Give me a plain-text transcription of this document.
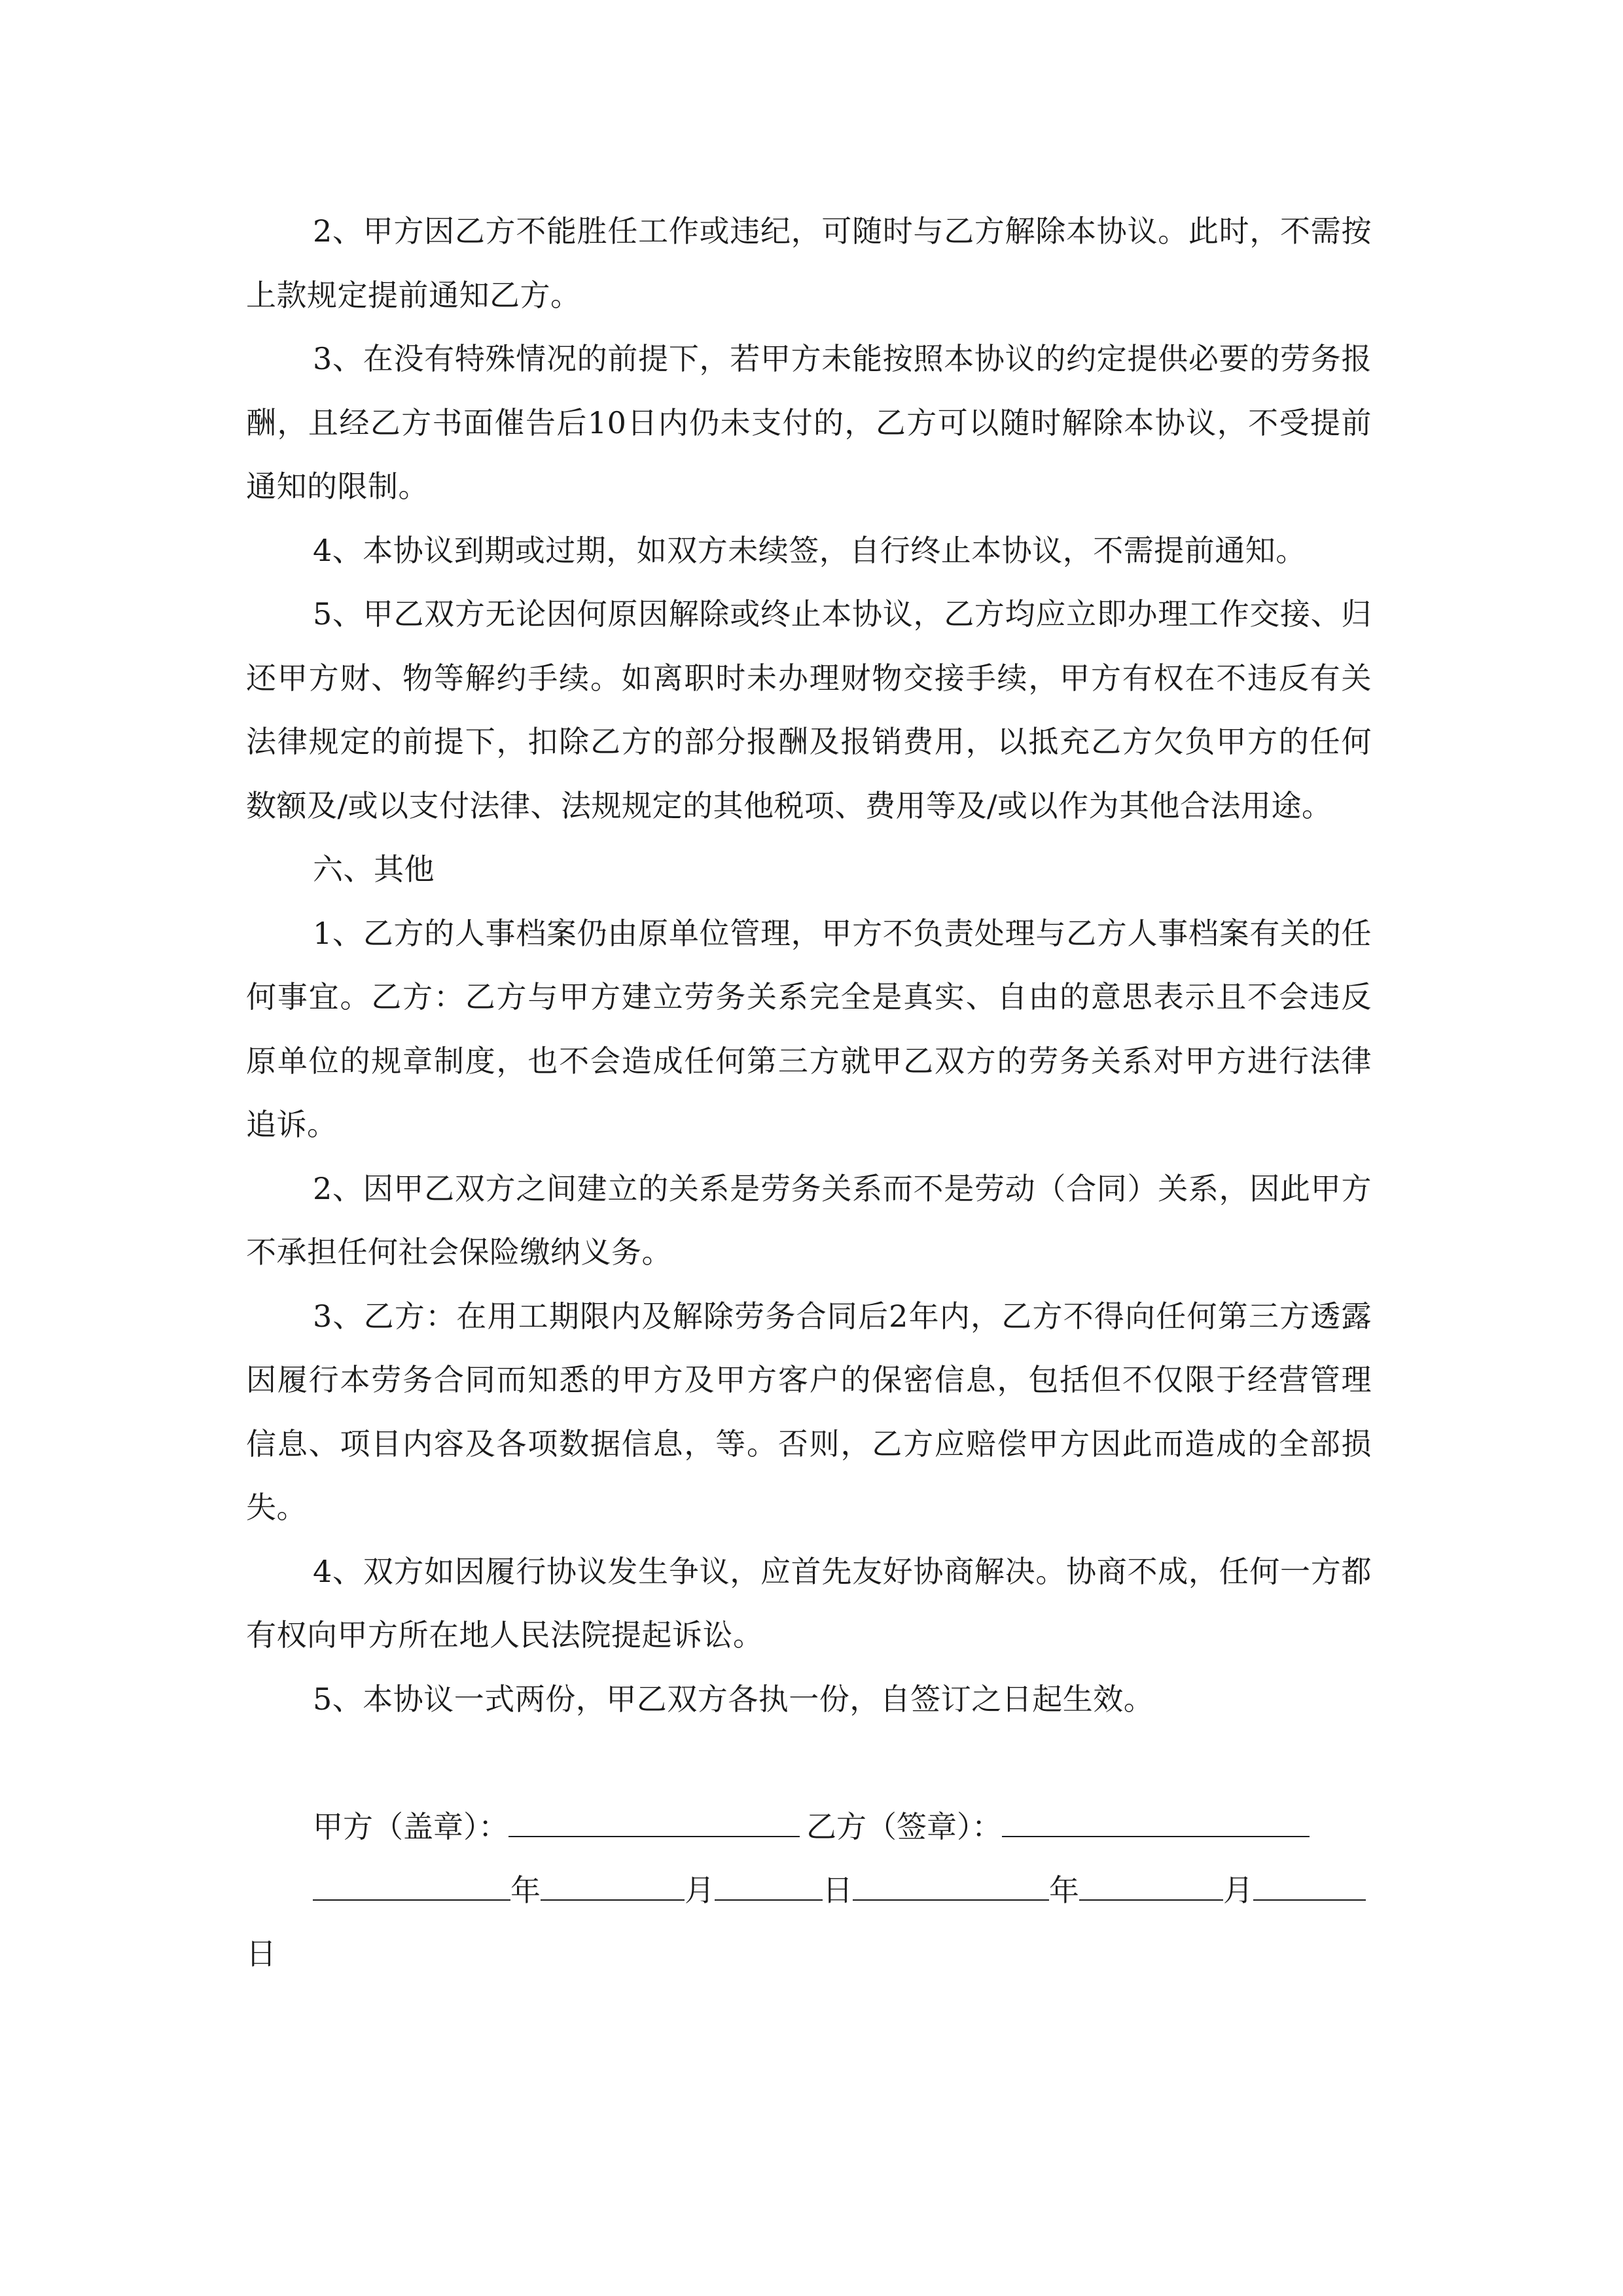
2、甲方因乙方不能胜任工作或违纪，可随时与乙方解除本协议。此时，不需按上款规定提前通知乙方。

3、在没有特殊情况的前提下，若甲方未能按照本协议的约定提供必要的劳务报酬，且经乙方书面催告后10日内仍未支付的，乙方可以随时解除本协议，不受提前通知的限制。

4、本协议到期或过期，如双方未续签，自行终止本协议，不需提前通知。

5、甲乙双方无论因何原因解除或终止本协议，乙方均应立即办理工作交接、归还甲方财、物等解约手续。如离职时未办理财物交接手续，甲方有权在不违反有关法律规定的前提下，扣除乙方的部分报酬及报销费用，以抵充乙方欠负甲方的任何数额及/或以支付法律、法规规定的其他税项、费用等及/或以作为其他合法用途。

六、其他

1、乙方的人事档案仍由原单位管理，甲方不负责处理与乙方人事档案有关的任何事宜。乙方：乙方与甲方建立劳务关系完全是真实、自由的意思表示且不会违反原单位的规章制度，也不会造成任何第三方就甲乙双方的劳务关系对甲方进行法律追诉。

2、因甲乙双方之间建立的关系是劳务关系而不是劳动（合同）关系，因此甲方不承担任何社会保险缴纳义务。

3、乙方：在用工期限内及解除劳务合同后2年内，乙方不得向任何第三方透露因履行本劳务合同而知悉的甲方及甲方客户的保密信息，包括但不仅限于经营管理信息、项目内容及各项数据信息，等。否则，乙方应赔偿甲方因此而造成的全部损失。

4、双方如因履行协议发生争议，应首先友好协商解决。协商不成，任何一方都有权向甲方所在地人民法院提起诉讼。

5、本协议一式两份，甲乙双方各执一份，自签订之日起生效。

甲方（盖章）：	乙方（签章）：
年	月	日	年	月
日
